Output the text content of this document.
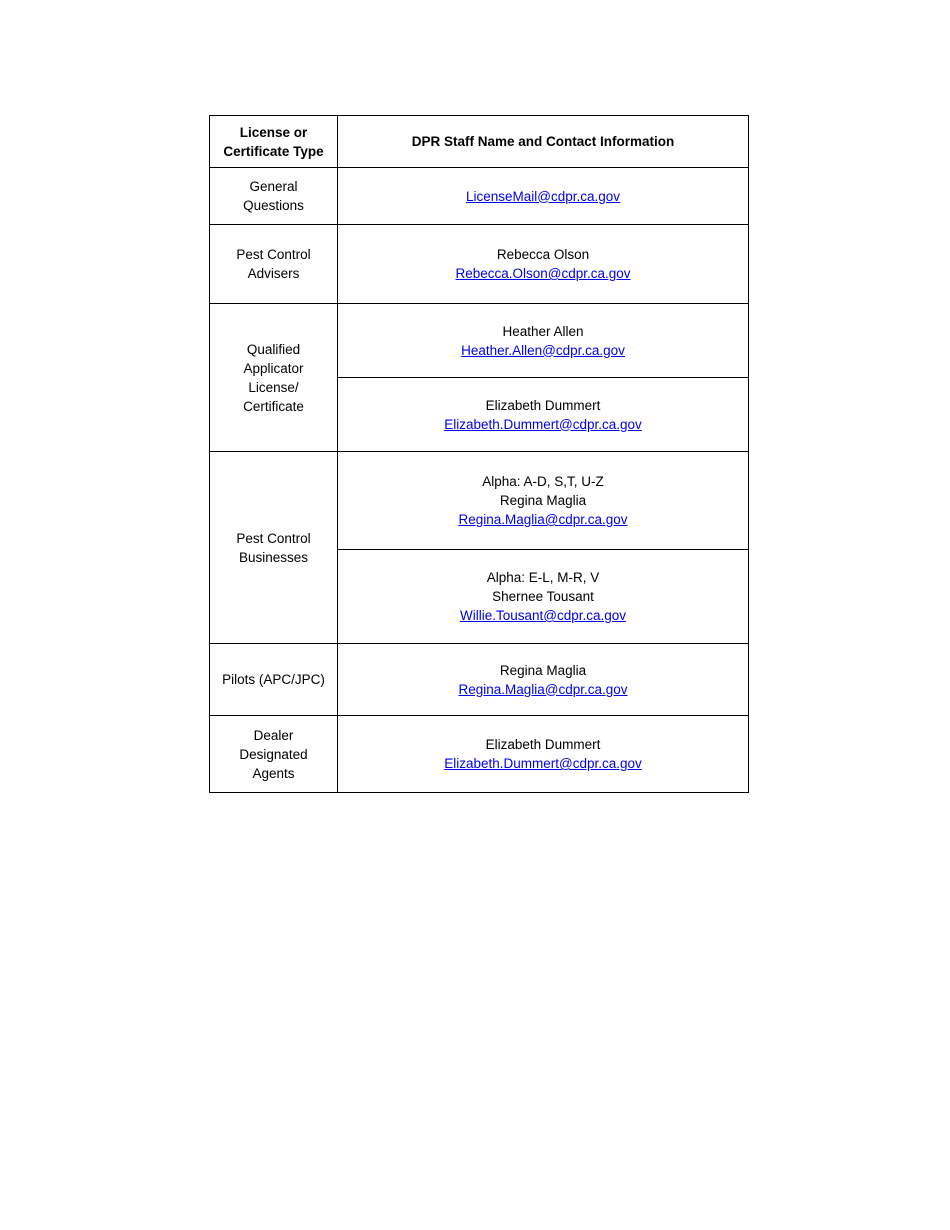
License or
Certificate Type	DPR Staff Name and Contact Information

General
Questions	LicenseMail@cdpr.ca.gov

Pest Control
Advisers	Rebecca Olson
Rebecca.Olson@cdpr.ca.gov

Qualified
Applicator
License/
Certificate	Heather Allen
Heather.Allen@cdpr.ca.gov

	Elizabeth Dummert
Elizabeth.Dummert@cdpr.ca.gov

Pest Control
Businesses	Alpha: A-D, S,T, U-Z
Regina Maglia
Regina.Maglia@cdpr.ca.gov

	Alpha: E-L, M-R, V
Shernee Tousant
Willie.Tousant@cdpr.ca.gov

Pilots (APC/JPC)	Regina Maglia
Regina.Maglia@cdpr.ca.gov

Dealer
Designated
Agents	Elizabeth Dummert
Elizabeth.Dummert@cdpr.ca.gov
